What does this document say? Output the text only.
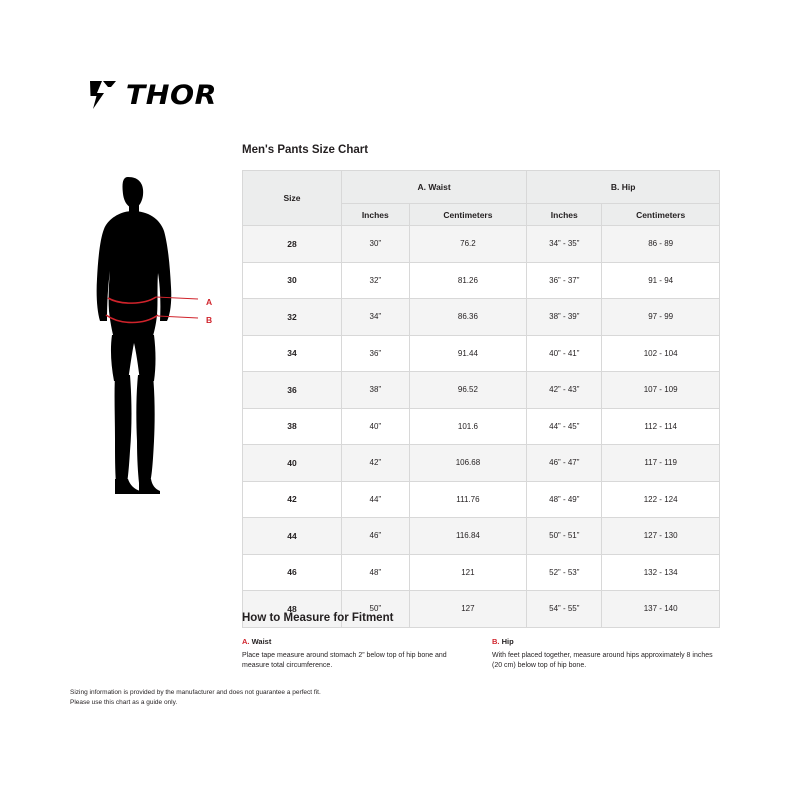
THOR
A
B
Men's Pants Size Chart
Size	A. Waist		B. Hip	
	Inches	Centimeters	Inches	Centimeters
28	30”	76.2	34” - 35”	86 - 89
30	32”	81.26	36” - 37”	91 - 94
32	34”	86.36	38” - 39”	97 - 99
34	36”	91.44	40” - 41”	102 - 104
36	38”	96.52	42” - 43”	107 - 109
38	40”	101.6	44” - 45”	112 - 114
40	42”	106.68	46” - 47”	117 - 119
42	44”	111.76	48” - 49”	122 - 124
44	46”	116.84	50” - 51”	127 - 130
46	48”	121	52” - 53”	132 - 134
48	50”	127	54” - 55”	137 - 140
How to Measure for Fitment
A. Waist
Place tape measure around stomach 2” below top of hip bone and measure total circumference.
B. Hip
With feet placed together, measure around hips approximately 8 inches (20 cm) below top of hip bone.
Sizing information is provided by the manufacturer and does not guarantee a perfect fit.
Please use this chart as a guide only.
